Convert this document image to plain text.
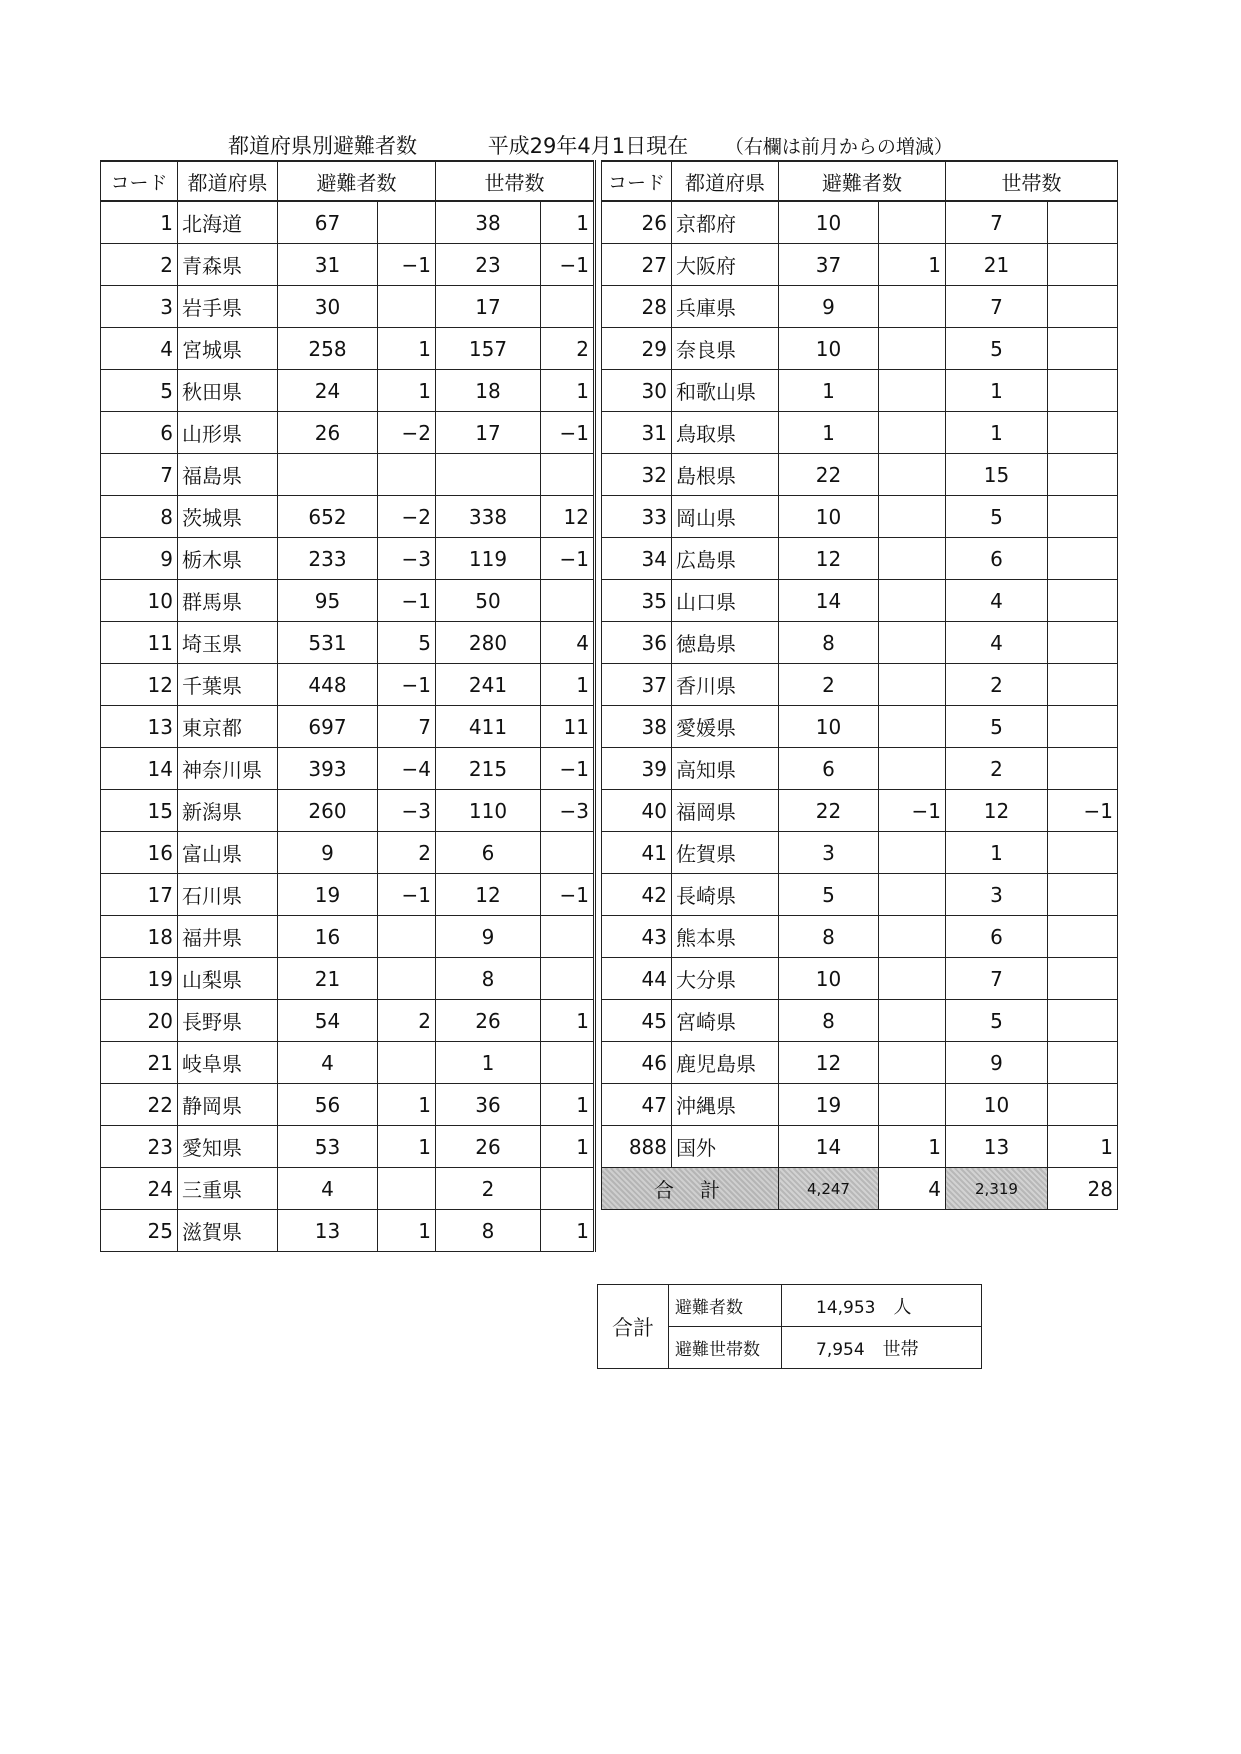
都道府県別避難者数	平成29年4月1日現在 （右欄は前月からの増減）
コード	都道府県	避難者数		世帯数	
1	北海道	67		38	1
2	青森県	31	−1	23	−1
3	岩手県	30		17	
4	宮城県	258	1	157	2
5	秋田県	24	1	18	1
6	山形県	26	−2	17	−1
7	福島県				
8	茨城県	652	−2	338	12
9	栃木県	233	−3	119	−1
10	群馬県	95	−1	50	
11	埼玉県	531	5	280	4
12	千葉県	448	−1	241	1
13	東京都	697	7	411	11
14	神奈川県	393	−4	215	−1
15	新潟県	260	−3	110	−3
16	富山県	9	2	6	
17	石川県	19	−1	12	−1
18	福井県	16		9	
19	山梨県	21		8	
20	長野県	54	2	26	1
21	岐阜県	4		1	
22	静岡県	56	1	36	1
23	愛知県	53	1	26	1
24	三重県	4		2	
25	滋賀県	13	1	8	1
コード	都道府県	避難者数		世帯数	
26	京都府	10		7	
27	大阪府	37	1	21	
28	兵庫県	9		7	
29	奈良県	10		5	
30	和歌山県	1		1	
31	鳥取県	1		1	
32	島根県	22		15	
33	岡山県	10		5	
34	広島県	12		6	
35	山口県	14		4	
36	徳島県	8		4	
37	香川県	2		2	
38	愛媛県	10		5	
39	高知県	6		2	
40	福岡県	22	−1	12	−1
41	佐賀県	3		1	
42	長崎県	5		3	
43	熊本県	8		6	
44	大分県	10		7	
45	宮崎県	8		5	
46	鹿児島県	12		9	
47	沖縄県	19		10	
888	国外	14	1	13	1
合計		4,247	4	2,319	28
合計	避難者数	14,953 人
	避難世帯数	7,954 世帯
